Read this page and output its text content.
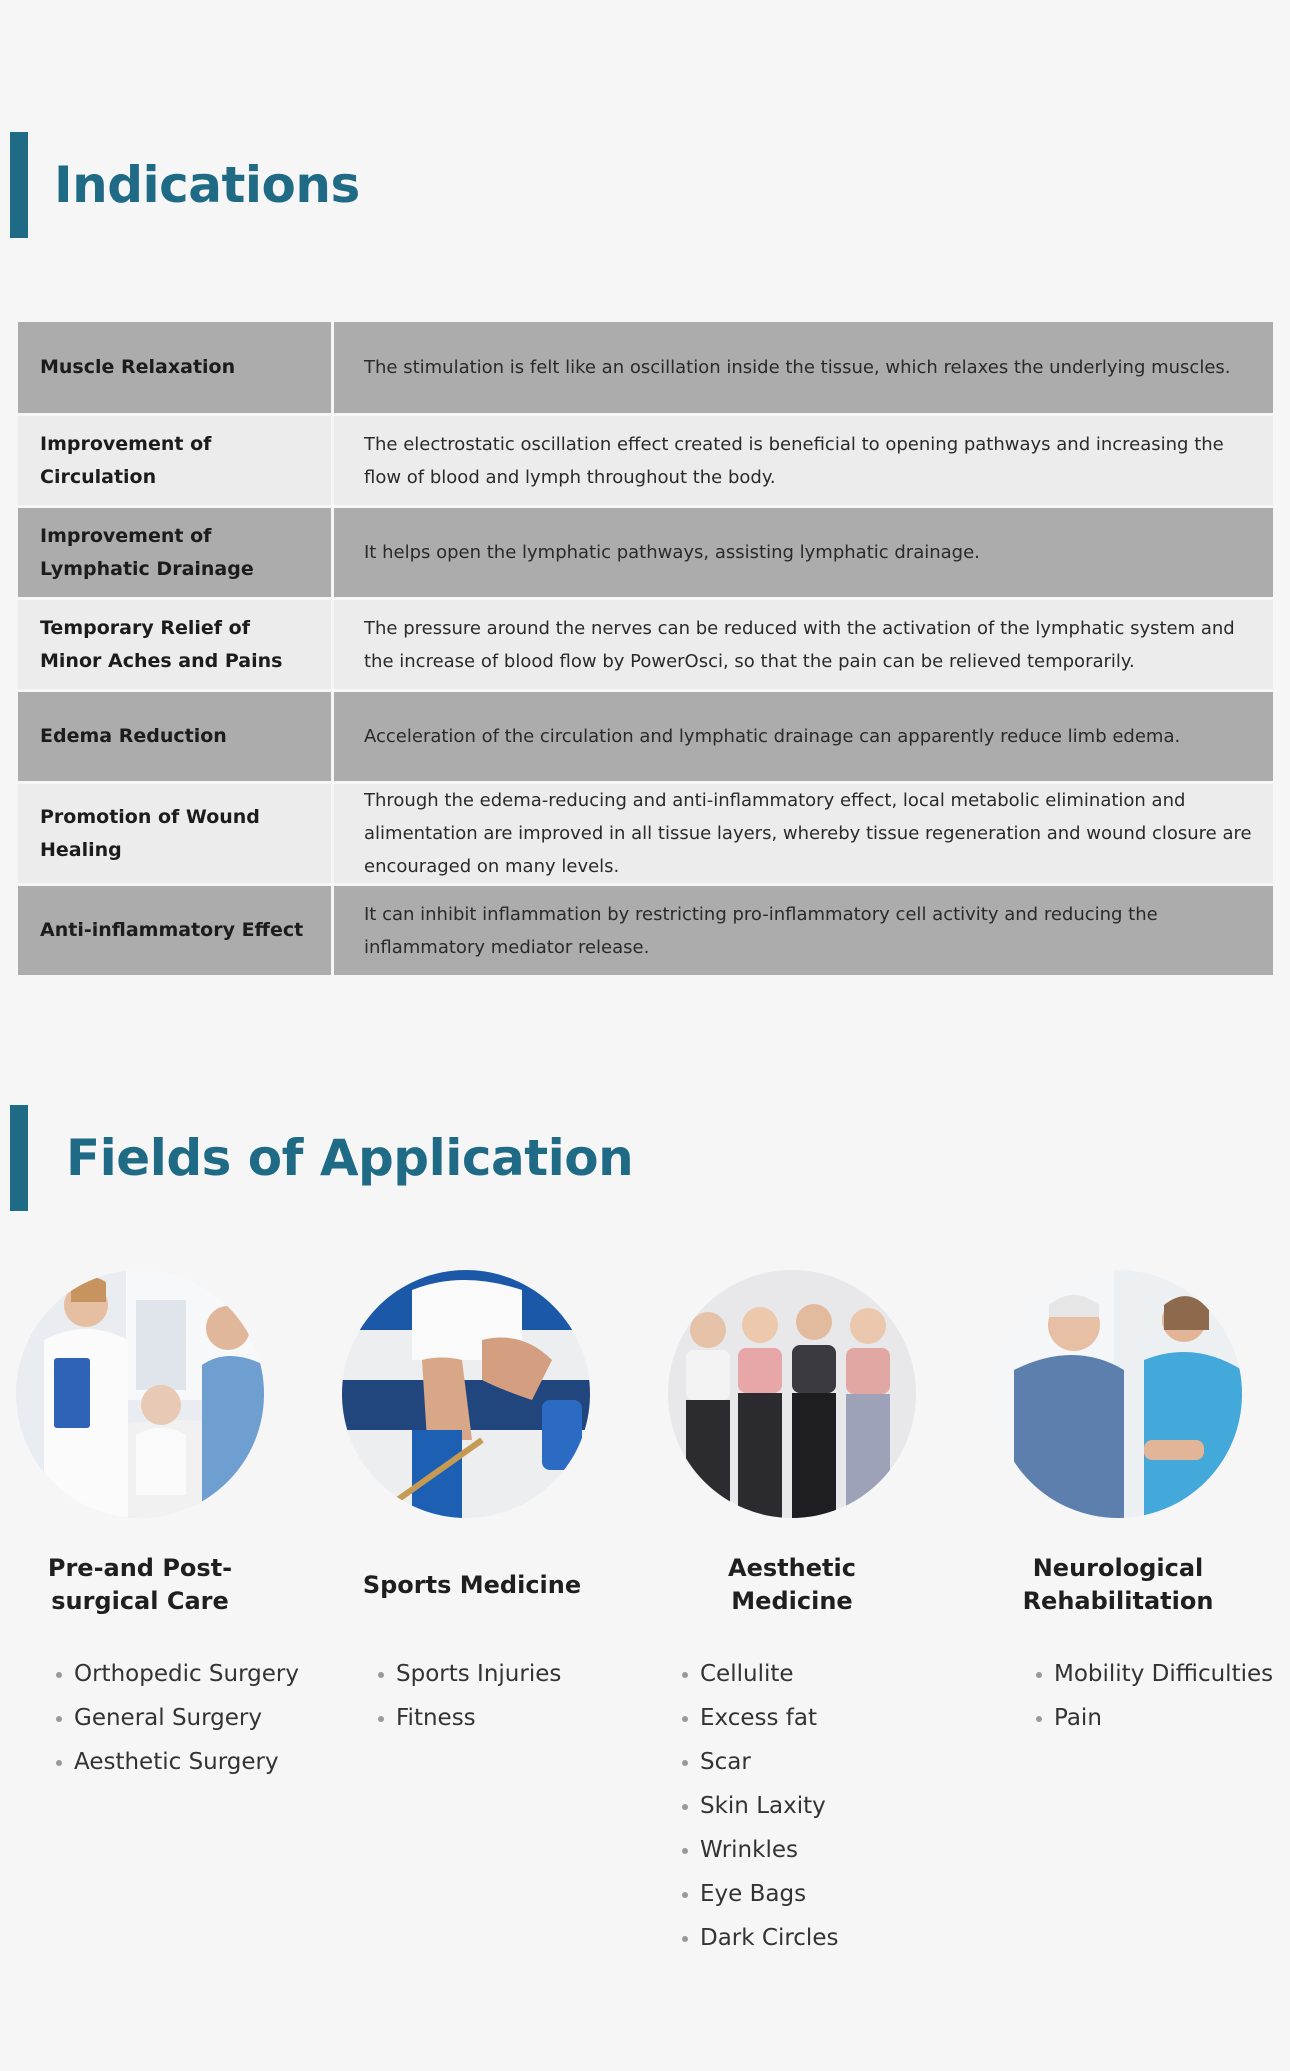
Indications
Muscle Relaxation	The stimulation is felt like an oscillation inside the tissue, which relaxes the underlying muscles.
Improvement of Circulation	The electrostatic oscillation effect created is beneficial to opening pathways and increasing the flow of blood and lymph throughout the body.
Improvement of Lymphatic Drainage	It helps open the lymphatic pathways, assisting lymphatic drainage.
Temporary Relief of Minor Aches and Pains	The pressure around the nerves can be reduced with the activation of the lymphatic system and the increase of blood flow by PowerOsci, so that the pain can be relieved temporarily.
Edema Reduction	Acceleration of the circulation and lymphatic drainage can apparently reduce limb edema.
Promotion of Wound Healing	Through the edema-reducing and anti-inflammatory effect, local metabolic elimination and alimentation are improved in all tissue layers, whereby tissue regeneration and wound closure are encouraged on many levels.
Anti-inflammatory Effect	It can inhibit inflammation by restricting pro-inflammatory cell activity and reducing the inflammatory mediator release.
Fields of Application
Pre-and Post-
surgical Care
Orthopedic Surgery
General Surgery
Aesthetic Surgery
Sports Medicine
Sports Injuries
Fitness
Aesthetic Medicine
Cellulite
Excess fat
Scar
Skin Laxity
Wrinkles
Eye Bags
Dark Circles
Neurological
Rehabilitation
Mobility Difficulties
Pain
